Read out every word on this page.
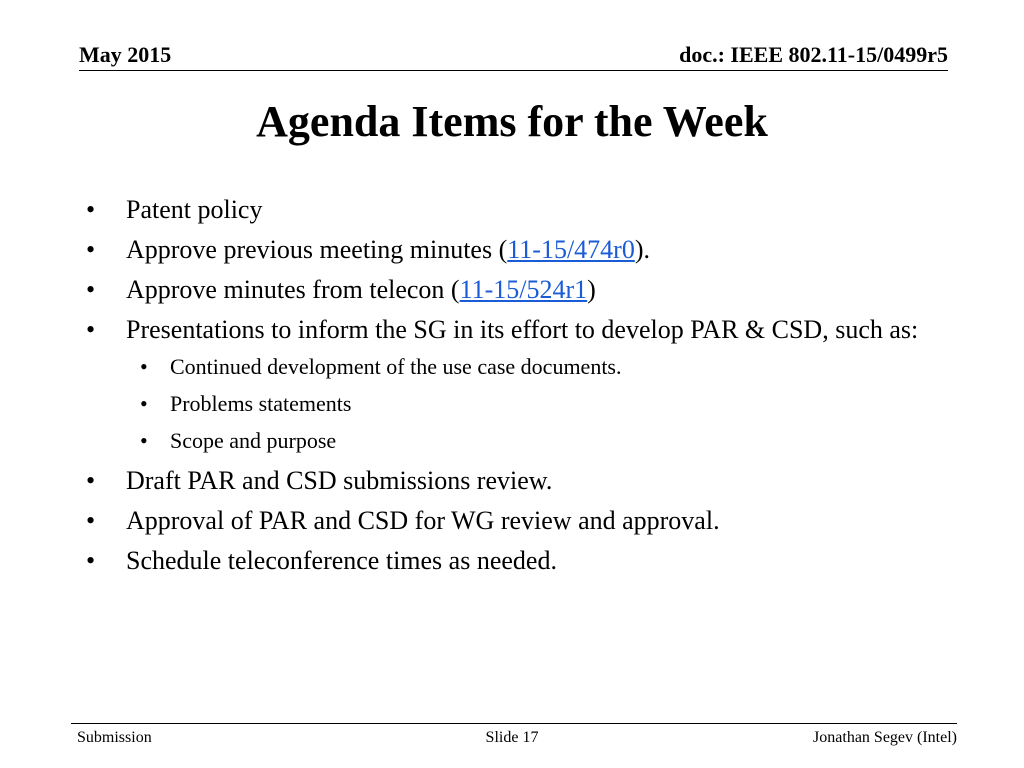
May 2015	doc.: IEEE 802.11-15/0499r5
Agenda Items for the Week
• Patent policy
• Approve previous meeting minutes (11-15/474r0).
• Approve minutes from telecon (11-15/524r1)
• Presentations to inform the SG in its effort to develop PAR & CSD, such as:
• Continued development of the use case documents.
• Problems statements
• Scope and purpose
• Draft PAR and CSD submissions review.
• Approval of PAR and CSD for WG review and approval.
• Schedule teleconference times as needed.
Submission	Slide 17	Jonathan Segev (Intel)
